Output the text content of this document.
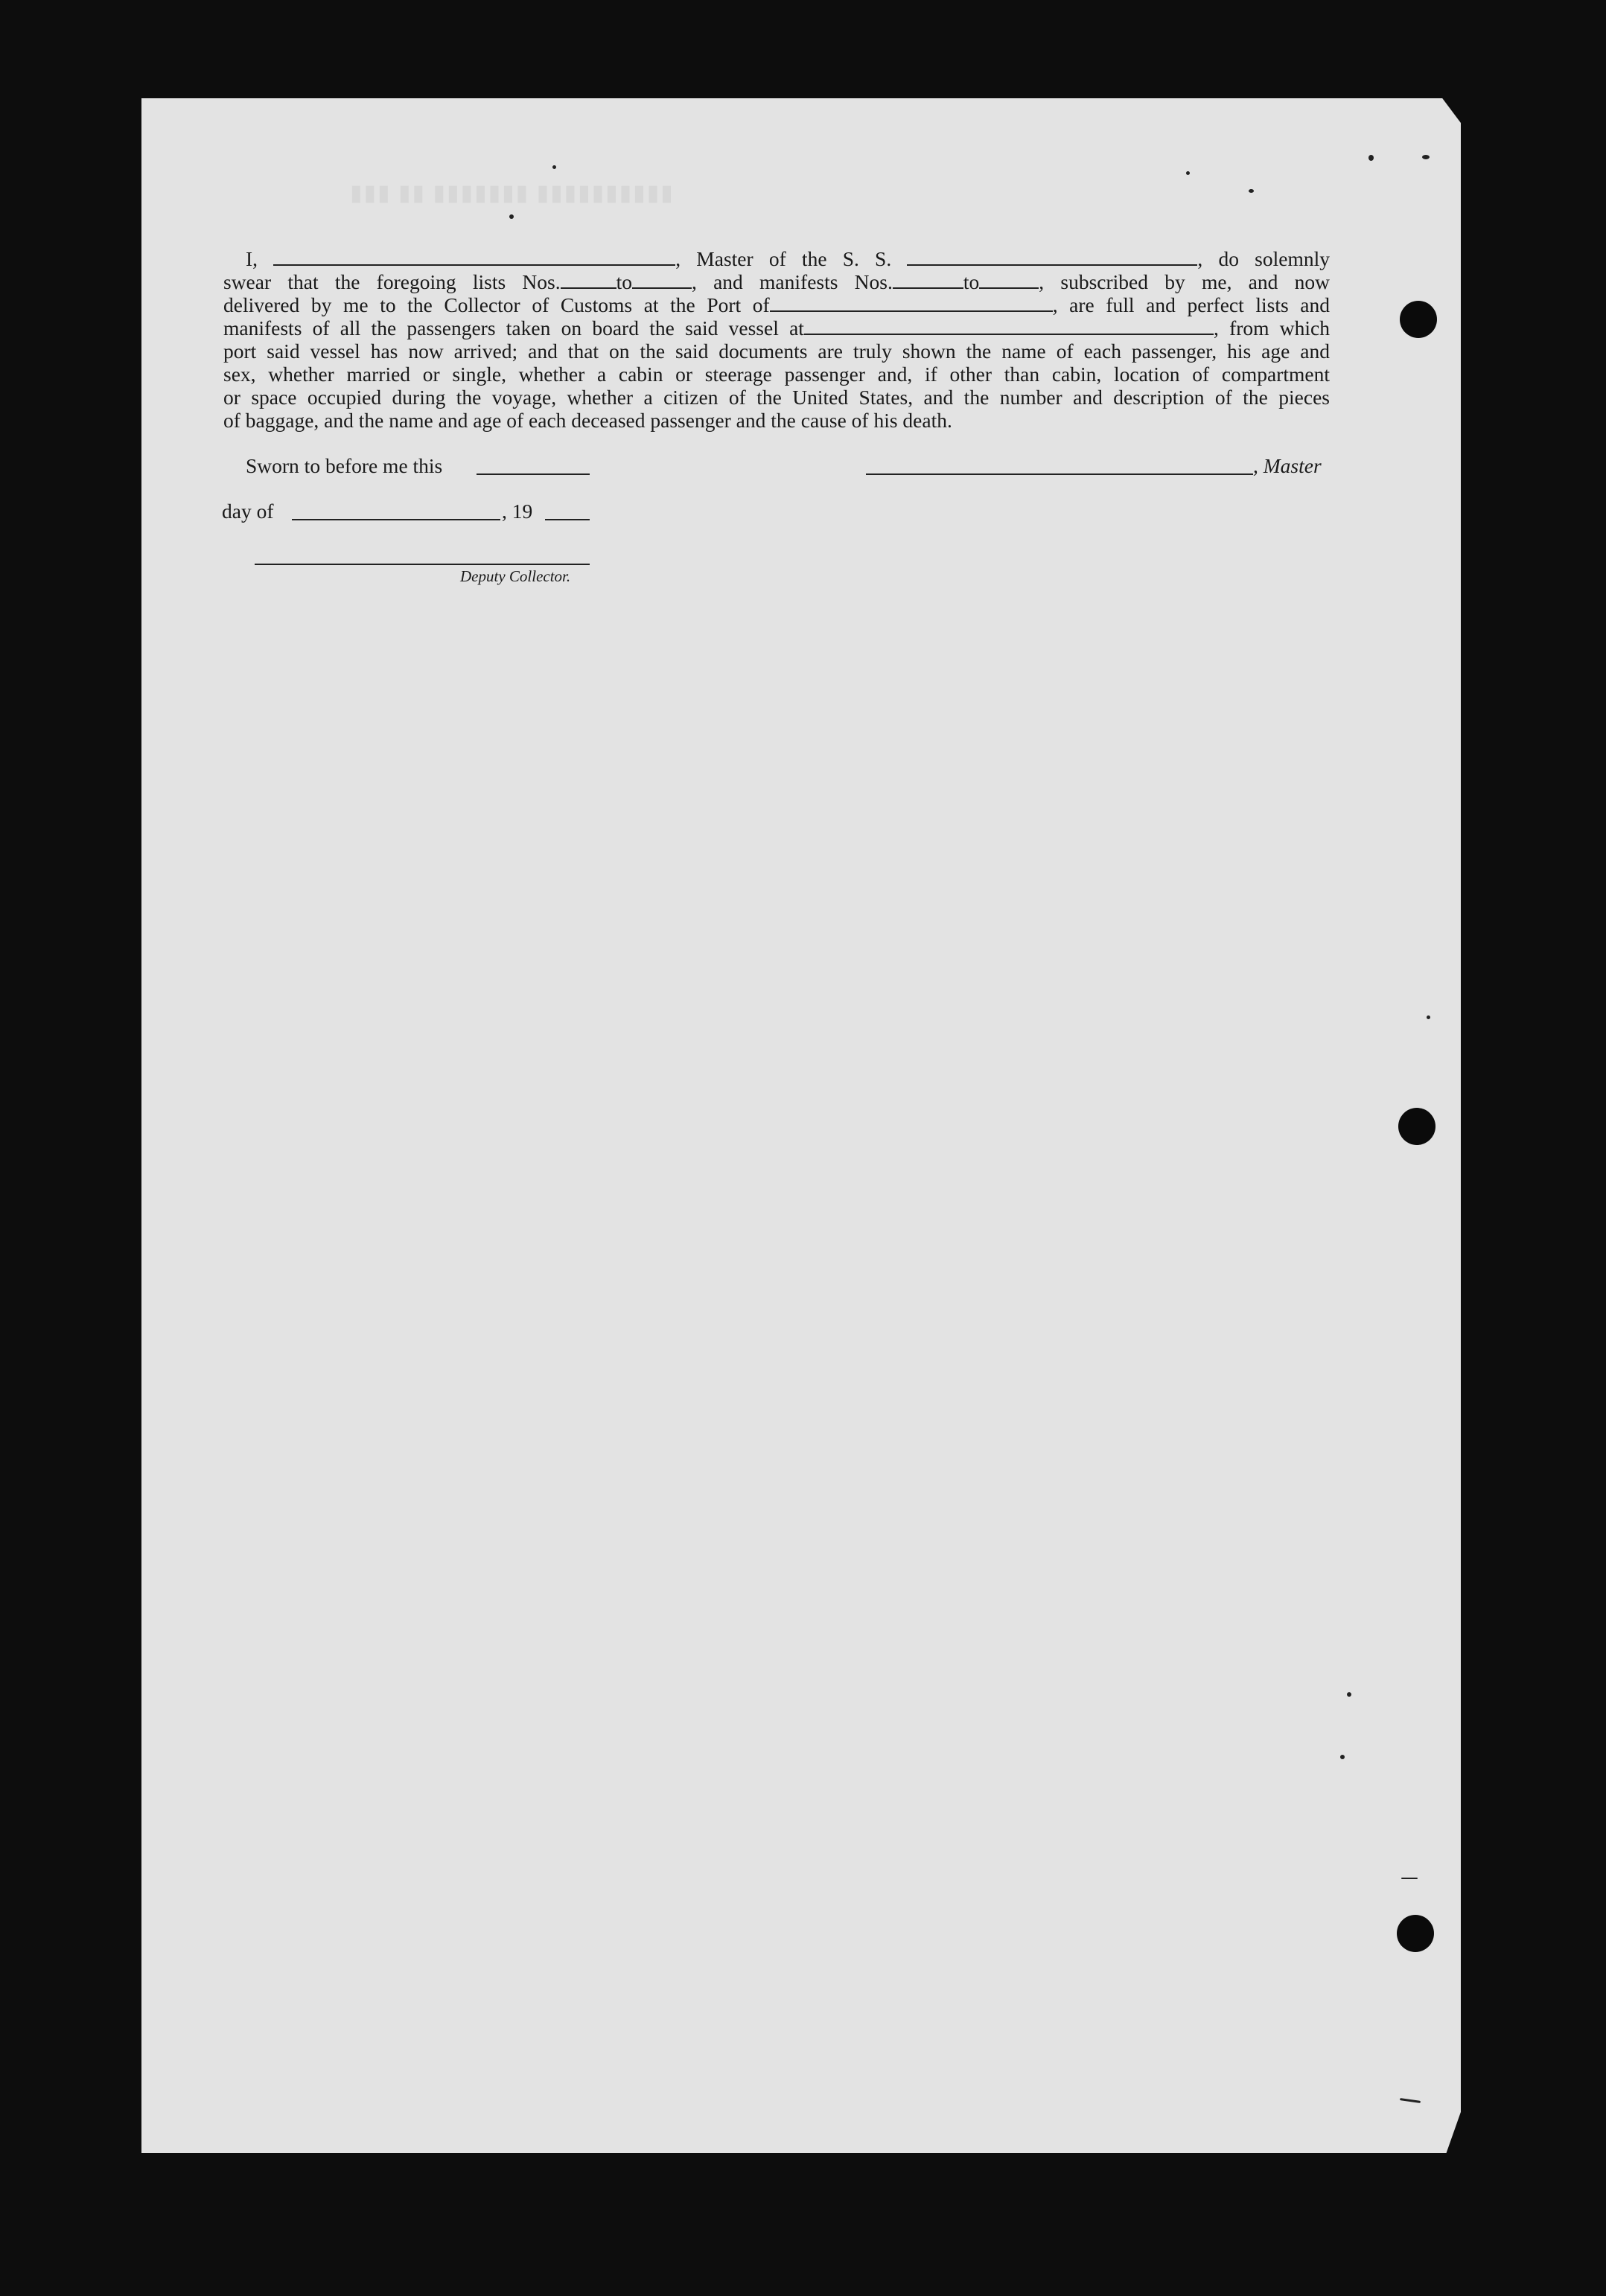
▮▮▮ ▮▮ ▮▮▮▮▮▮▮ ▮▮▮▮▮▮▮▮▮▮
I,	, Master of the S. S.	, do solemnly
swear that the foregoing lists Nos.	to	, and manifests Nos.	to	, subscribed by me, and now
delivered by me to the Collector of Customs at the Port of	, are full and perfect lists and
manifests of all the passengers taken on board the said vessel at	, from which
port said vessel has now arrived; and that on the said documents are truly shown the name of each passenger, his age and
sex, whether married or single, whether a cabin or steerage passenger and, if other than cabin, location of compartment
or space occupied during the voyage, whether a citizen of the United States, and the number and description of the pieces
of baggage, and the name and age of each deceased passenger and the cause of his death.
Sworn to before me this	, Master
day of	, 19
Deputy Collector.
